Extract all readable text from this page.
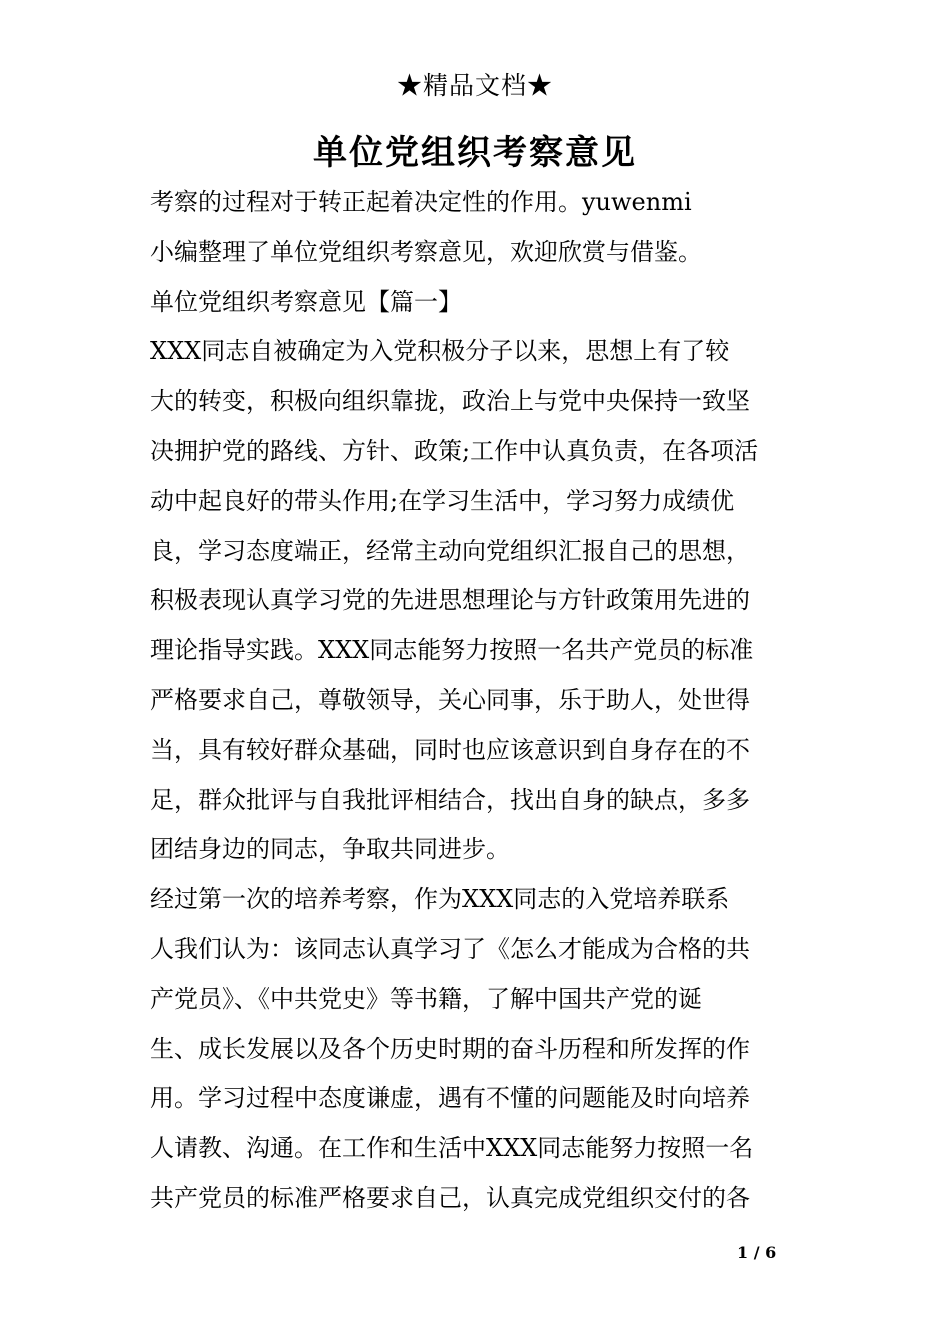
★精品文档★
单位党组织考察意见
考察的过程对于转正起着决定性的作用。yuwenmi
小编整理了单位党组织考察意见，欢迎欣赏与借鉴。
单位党组织考察意见【篇一】
XXX同志自被确定为入党积极分子以来，思想上有了较
大的转变，积极向组织靠拢，政治上与党中央保持一致坚
决拥护党的路线、方针、政策;工作中认真负责，在各项活
动中起良好的带头作用;在学习生活中，学习努力成绩优
良，学习态度端正，经常主动向党组织汇报自己的思想，
积极表现认真学习党的先进思想理论与方针政策用先进的
理论指导实践。XXX同志能努力按照一名共产党员的标准
严格要求自己，尊敬领导，关心同事，乐于助人，处世得
当，具有较好群众基础，同时也应该意识到自身存在的不
足，群众批评与自我批评相结合，找出自身的缺点，多多
团结身边的同志，争取共同进步。
经过第一次的培养考察，作为XXX同志的入党培养联系
人我们认为：该同志认真学习了《怎么才能成为合格的共
产党员》、《中共党史》等书籍，了解中国共产党的诞
生、成长发展以及各个历史时期的奋斗历程和所发挥的作
用。学习过程中态度谦虚，遇有不懂的问题能及时向培养
人请教、沟通。在工作和生活中XXX同志能努力按照一名
共产党员的标准严格要求自己，认真完成党组织交付的各
1 / 6
